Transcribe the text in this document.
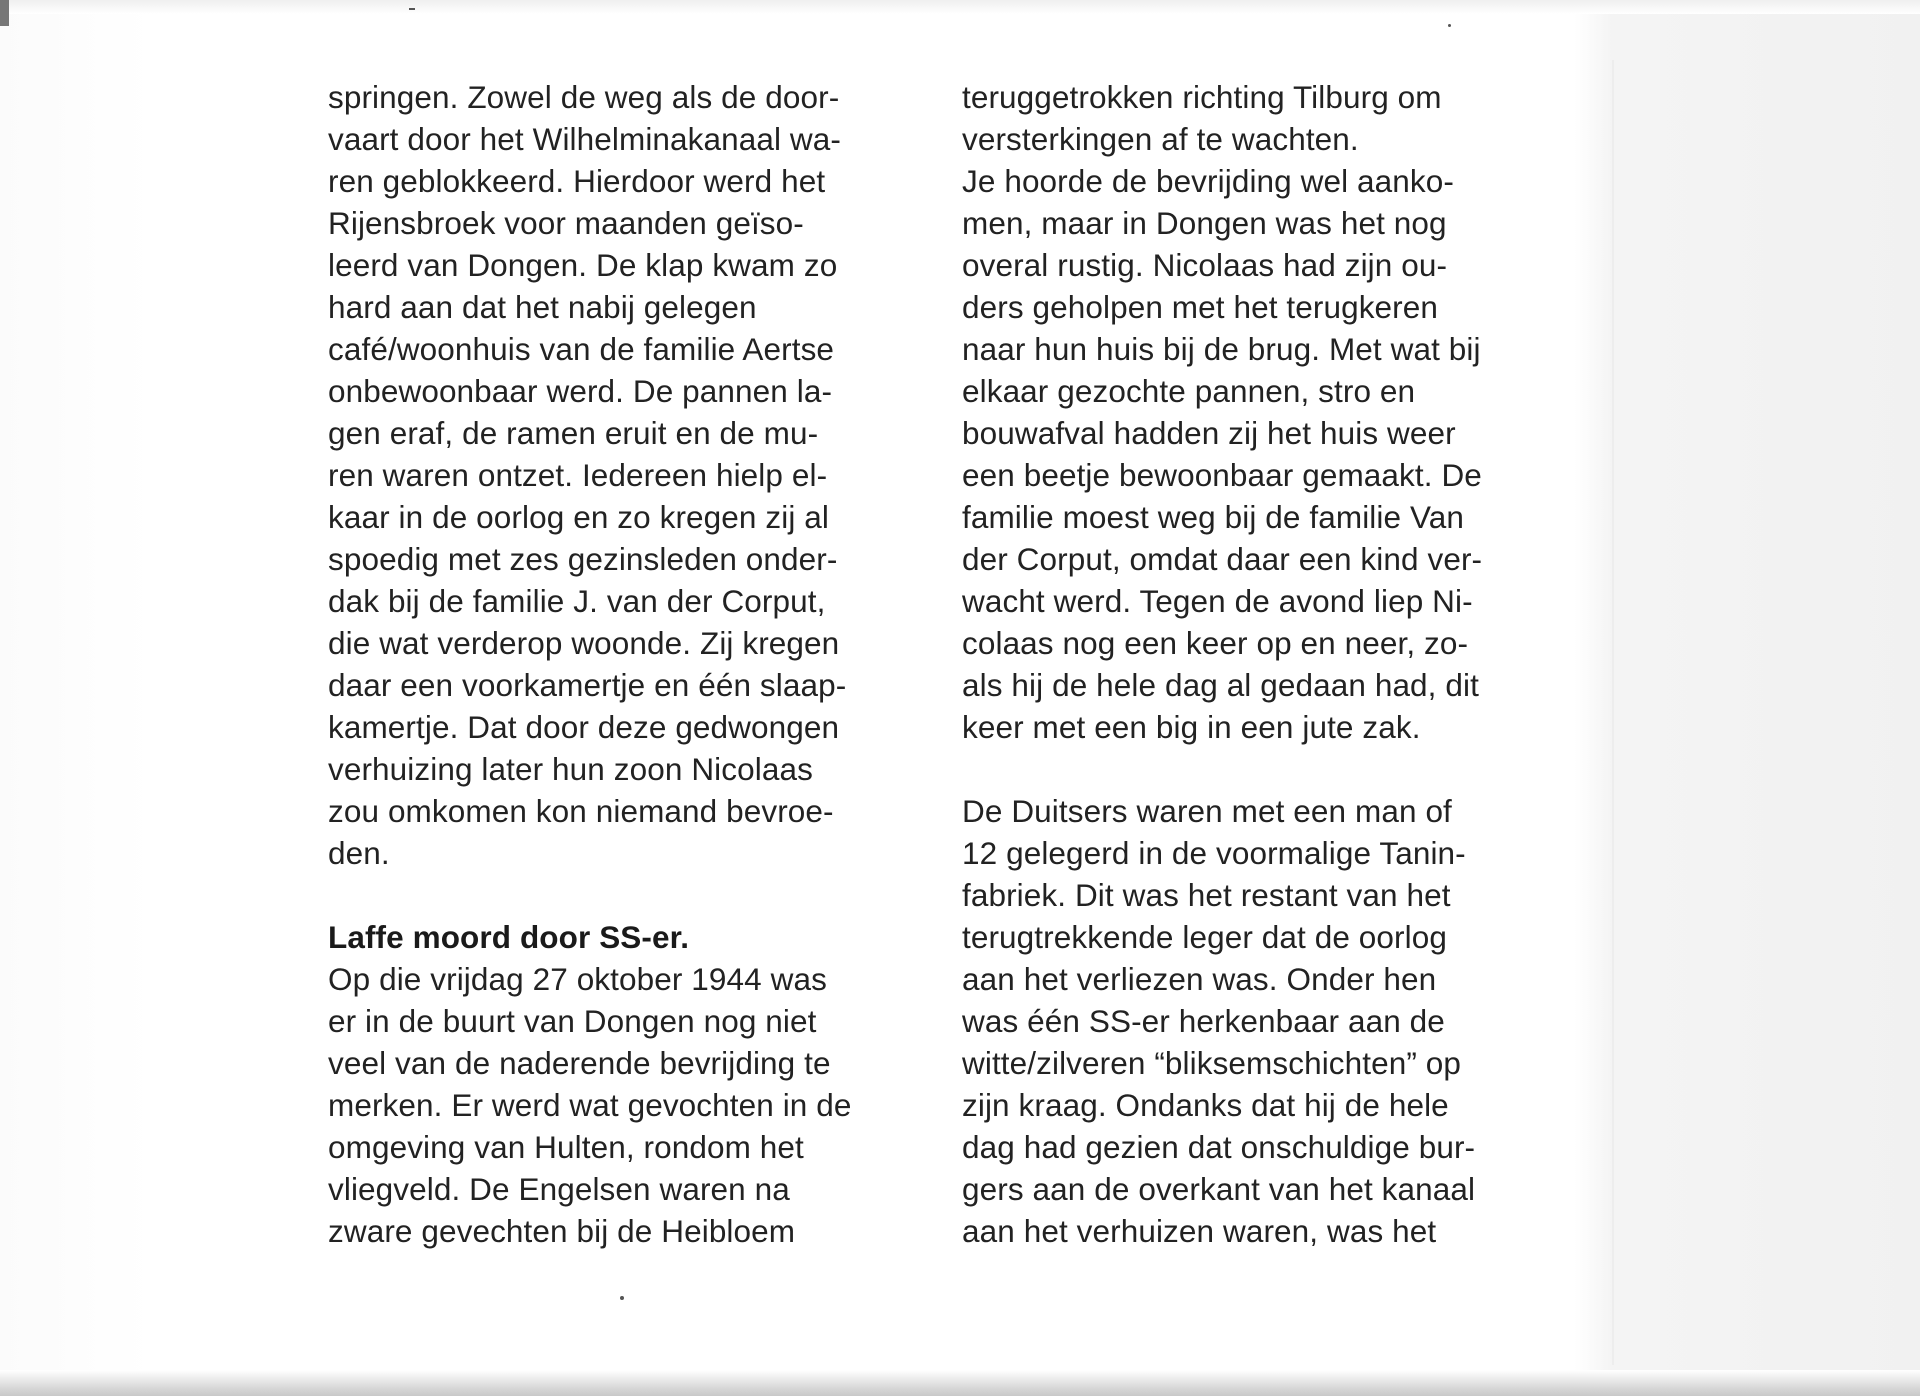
springen. Zowel de weg als de door-
vaart door het Wilhelminakanaal wa-
ren geblokkeerd. Hierdoor werd het
Rijensbroek voor maanden geïso-
leerd van Dongen. De klap kwam zo
hard aan dat het nabij gelegen
café/woonhuis van de familie Aertse
onbewoonbaar werd. De pannen la-
gen eraf, de ramen eruit en de mu-
ren waren ontzet. Iedereen hielp el-
kaar in de oorlog en zo kregen zij al
spoedig met zes gezinsleden onder-
dak bij de familie J. van der Corput,
die wat verderop woonde. Zij kregen
daar een voorkamertje en één slaap-
kamertje. Dat door deze gedwongen
verhuizing later hun zoon Nicolaas
zou omkomen kon niemand bevroe-
den.
Laffe moord door SS-er.
Op die vrijdag 27 oktober 1944 was
er in de buurt van Dongen nog niet
veel van de naderende bevrijding te
merken. Er werd wat gevochten in de
omgeving van Hulten, rondom het
vliegveld. De Engelsen waren na
zware gevechten bij de Heibloem
teruggetrokken richting Tilburg om
versterkingen af te wachten.
Je hoorde de bevrijding wel aanko-
men, maar in Dongen was het nog
overal rustig. Nicolaas had zijn ou-
ders geholpen met het terugkeren
naar hun huis bij de brug. Met wat bij
elkaar gezochte pannen, stro en
bouwafval hadden zij het huis weer
een beetje bewoonbaar gemaakt. De
familie moest weg bij de familie Van
der Corput, omdat daar een kind ver-
wacht werd. Tegen de avond liep Ni-
colaas nog een keer op en neer, zo-
als hij de hele dag al gedaan had, dit
keer met een big in een jute zak.
De Duitsers waren met een man of
12 gelegerd in de voormalige Tanin-
fabriek. Dit was het restant van het
terugtrekkende leger dat de oorlog
aan het verliezen was. Onder hen
was één SS-er herkenbaar aan de
witte/zilveren “bliksemschichten” op
zijn kraag. Ondanks dat hij de hele
dag had gezien dat onschuldige bur-
gers aan de overkant van het kanaal
aan het verhuizen waren, was het
